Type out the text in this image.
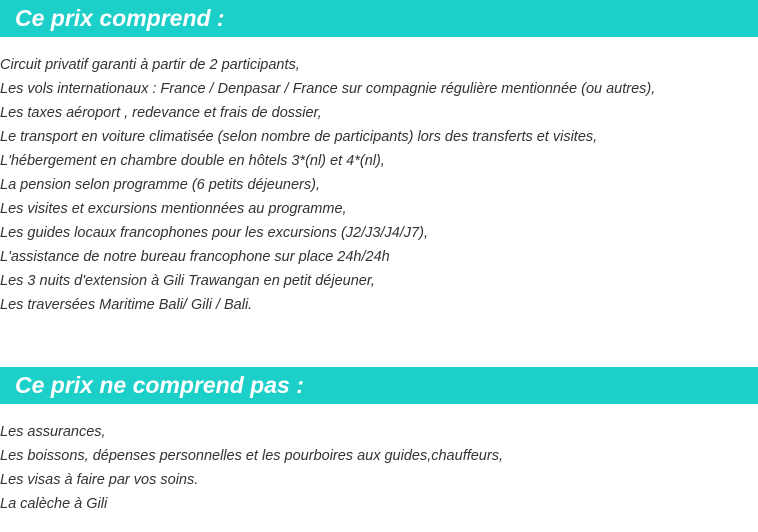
Ce prix comprend :
Circuit privatif garanti à partir de 2 participants,
Les vols internationaux : France / Denpasar / France sur compagnie régulière mentionnée (ou autres),
Les taxes aéroport , redevance et frais de dossier,
Le transport en voiture climatisée (selon nombre de participants) lors des transferts et visites,
L'hébergement en chambre double en hôtels 3*(nl) et 4*(nl),
La pension selon programme (6 petits déjeuners),
Les visites et excursions mentionnées au programme,
Les guides locaux francophones pour les excursions (J2/J3/J4/J7),
L'assistance de notre bureau francophone sur place 24h/24h
Les 3 nuits d'extension à Gili Trawangan en petit déjeuner,
Les traversées Maritime Bali/ Gili / Bali.
Ce prix ne comprend pas :
Les assurances,
Les boissons, dépenses personnelles et les pourboires aux guides,chauffeurs,
Les visas à faire par vos soins.
La calèche à Gili
